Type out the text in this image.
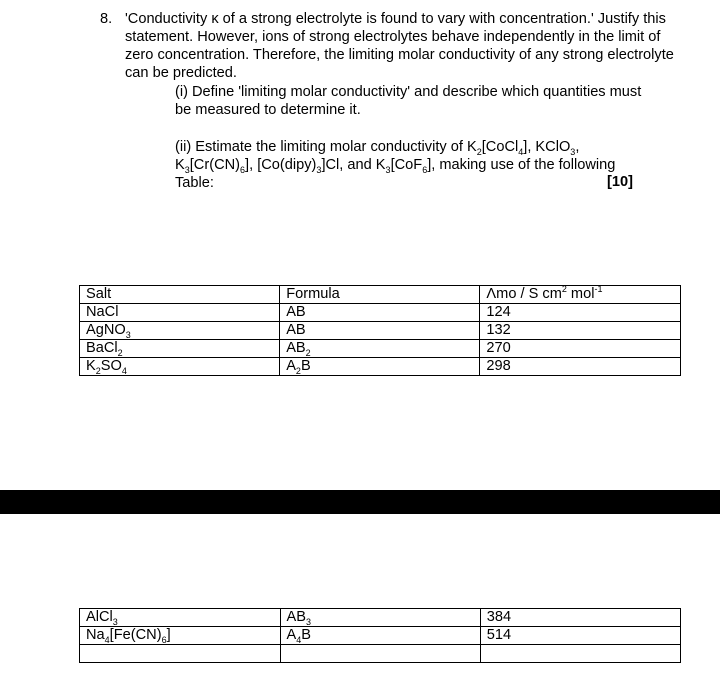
8. 'Conductivity κ of a strong electrolyte is found to vary with concentration.' Justify this statement. However, ions of strong electrolytes behave independently in the limit of zero concentration. Therefore, the limiting molar conductivity of any strong electrolyte can be predicted.
(i) Define 'limiting molar conductivity' and describe which quantities must be measured to determine it.
(ii) Estimate the limiting molar conductivity of $K_2[CoCl_4]$, KClO$_3$, $K_3[Cr(CN)_6]$, $[Co(dipy)_3]Cl$, and $K_3[CoF_6]$, making use of the following Table:	[10]
Salt	Formula	Λmo / S $cm^2$ mol$^{-1}$
NaCl	AB	124
AgNO$_3$	AB	132
BaCl$_2$	$AB_2$	270
$K_2SO_4$	$A_2B$	298
AlCl$_3$	$AB_3$	384
$Na_4[Fe(CN)_6]$	$A_4B$	514
